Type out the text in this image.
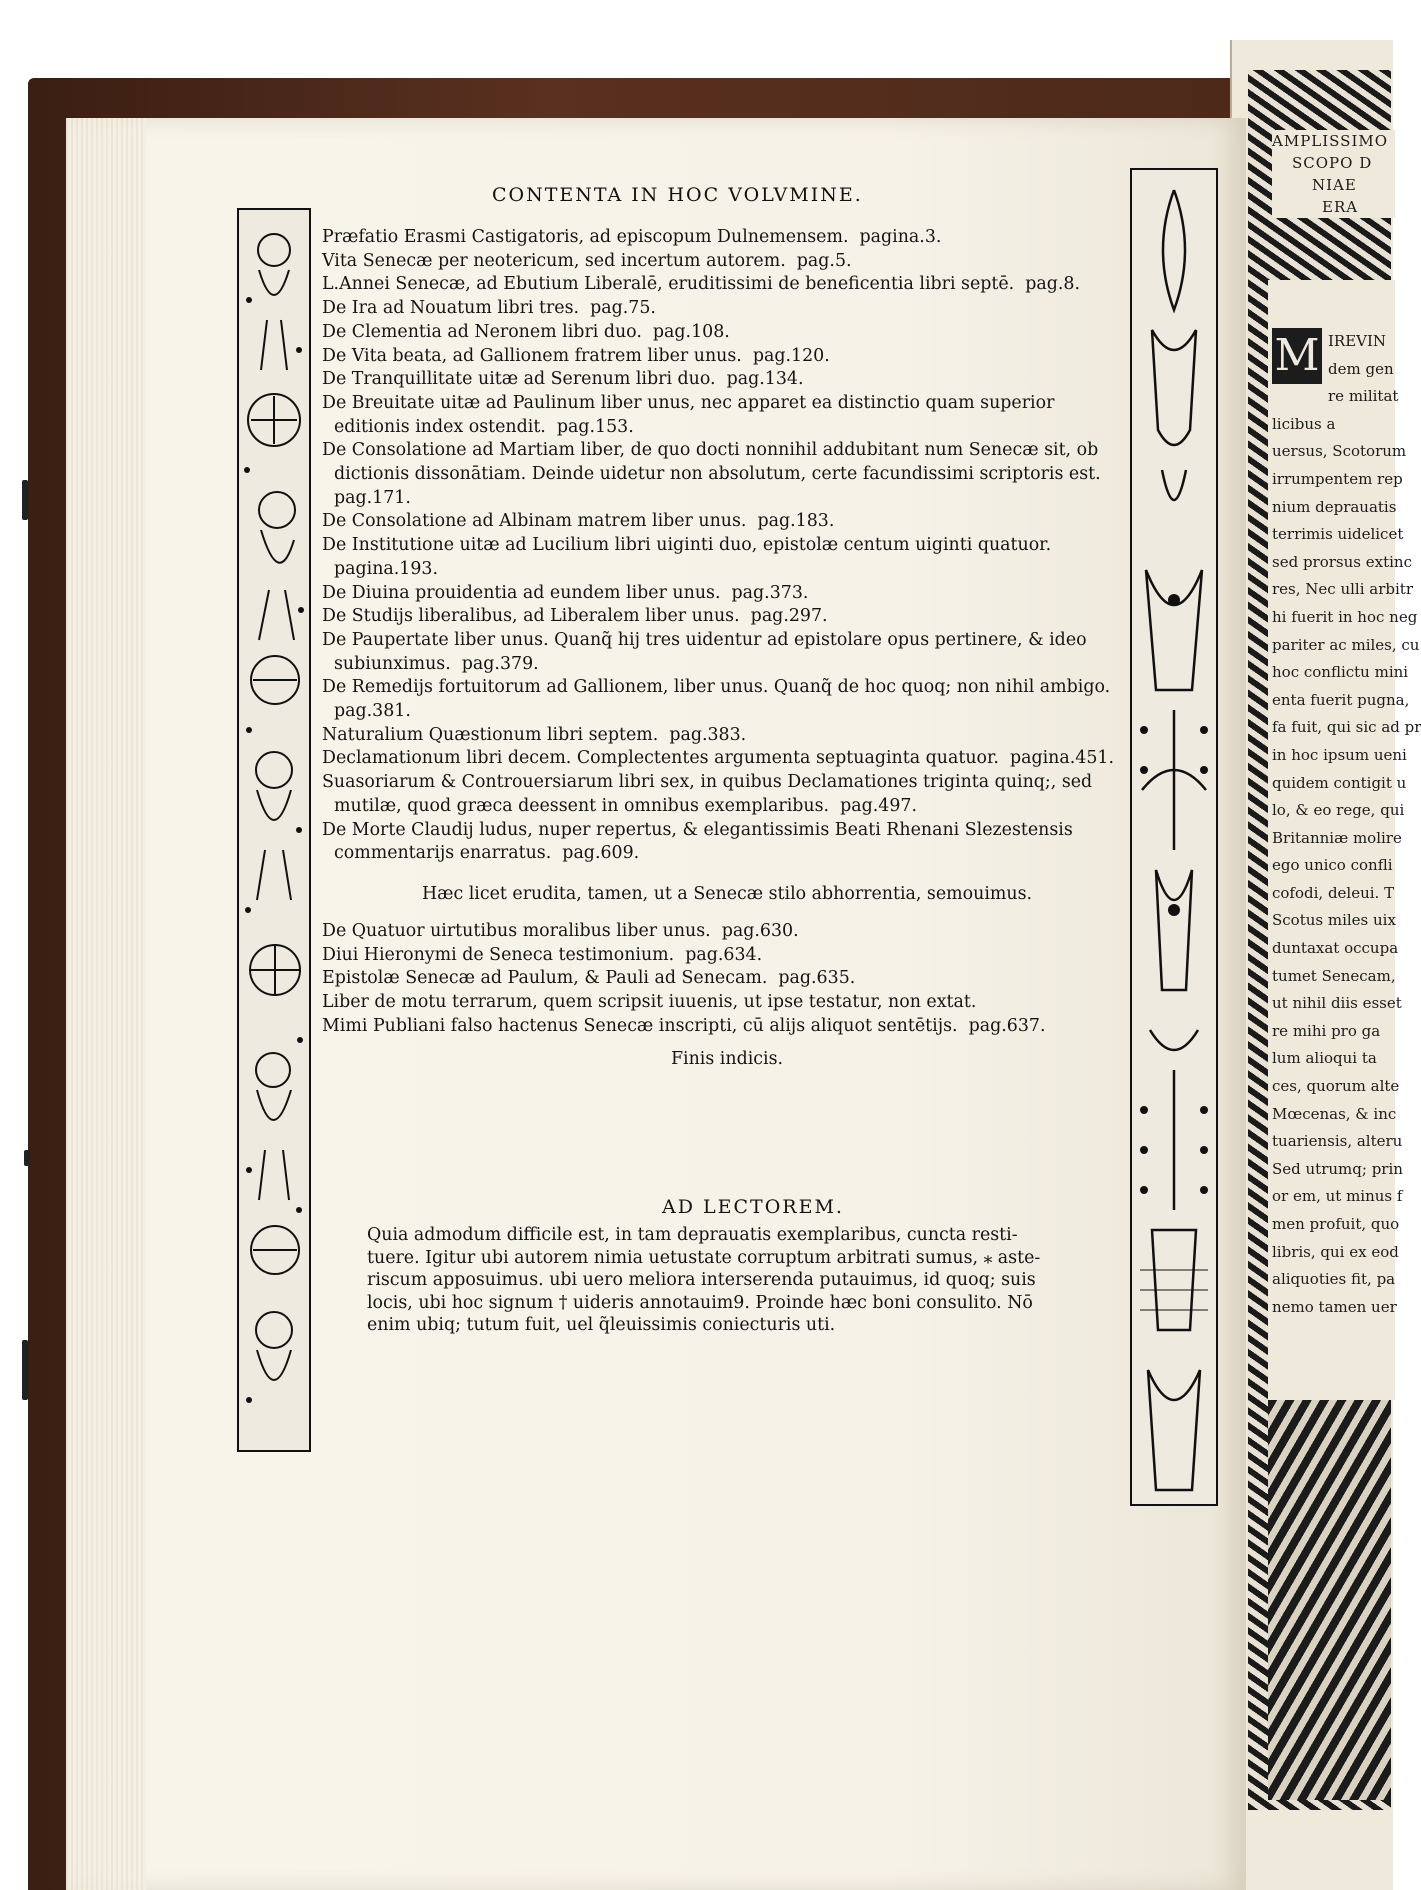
AMPLISSIMO
SCOPO D
NIAE
ERA
M IREVIN
dem gen
re militat
licibus a
uersus, Scotorum
irrumpentem rep
nium deprauatis
terrimis uidelicet
sed prorsus extinc
res, Nec ulli arbitr
hi fuerit in hoc neg
pariter ac miles, cu
hoc conflictu mini
enta fuerit pugna,
fa fuit, qui sic ad pr
in hoc ipsum ueni
quidem contigit u
lo, & eo rege, qui
Britanniæ molire
ego unico confli
cofodi, deleui. T
Scotus miles uix
duntaxat occupa
tumet Senecam,
ut nihil diis esset
re mihi pro ga
lum alioqui ta
ces, quorum alte
Mœcenas, & inc
tuariensis, alteru
Sed utrumq; prin
or em, ut minus f
men profuit, quo
libris, qui ex eod
aliquoties fit, pa
nemo tamen uer
CONTENTA IN HOC VOLVMINE.

Præfatio Erasmi Castigatoris, ad episcopum Dulnemensem.  pagina.3.

Vita Senecæ per neotericum, sed incertum autorem.  pag.5.

L.Annei Senecæ, ad Ebutium Liberalē, eruditissimi de beneficentia libri septē.  pag.8.

De Ira ad Nouatum libri tres.  pag.75.

De Clementia ad Neronem libri duo.  pag.108.

De Vita beata, ad Gallionem fratrem liber unus.  pag.120.

De Tranquillitate uitæ ad Serenum libri duo.  pag.134.

De Breuitate uitæ ad Paulinum liber unus, nec apparet ea distinctio quam superior editionis index ostendit.  pag.153.

De Consolatione ad Martiam liber, de quo docti nonnihil addubitant num Senecæ sit, ob dictionis dissonātiam. Deinde uidetur non absolutum, certe facundissimi scriptoris est.  pag.171.

De Consolatione ad Albinam matrem liber unus.  pag.183.

De Institutione uitæ ad Lucilium libri uiginti duo, epistolæ centum uiginti quatuor.  pagina.193.

De Diuina prouidentia ad eundem liber unus.  pag.373.

De Studijs liberalibus, ad Liberalem liber unus.  pag.297.

De Paupertate liber unus. Quanq̃ hij tres uidentur ad epistolare opus pertinere, & ideo subiunximus.  pag.379.

De Remedijs fortuitorum ad Gallionem, liber unus. Quanq̃ de hoc quoq; non nihil ambigo.  pag.381.

Naturalium Quæstionum libri septem.  pag.383.

Declamationum libri decem. Complectentes argumenta septuaginta quatuor.  pagina.451.

Suasoriarum & Controuersiarum libri sex, in quibus Declamationes triginta quinq;, sed mutilæ, quod græca deessent in omnibus exemplaribus.  pag.497.

De Morte Claudij ludus, nuper repertus, & elegantissimis Beati Rhenani Slezestensis commentarijs enarratus.  pag.609.

Hæc licet erudita, tamen, ut a Senecæ stilo abhorrentia, semouimus.

De Quatuor uirtutibus moralibus liber unus.  pag.630.

Diui Hieronymi de Seneca testimonium.  pag.634.

Epistolæ Senecæ ad Paulum, & Pauli ad Senecam.  pag.635.

Liber de motu terrarum, quem scripsit iuuenis, ut ipse testatur, non extat.

Mimi Publiani falso hactenus Senecæ inscripti, cū alijs aliquot sentētijs.  pag.637.

Finis indicis.

AD LECTOREM.

Quia admodum difficile est, in tam deprauatis exemplaribus, cuncta resti-

tuere. Igitur ubi autorem nimia uetustate corruptum arbitrati sumus, ⁎ aste-

riscum apposuimus. ubi uero meliora interserenda putauimus, id quoq; suis

locis, ubi hoc signum † uideris annotauim9. Proinde hæc boni consulito. Nō

enim ubiq; tutum fuit, uel q̃leuissimis coniecturis uti.
